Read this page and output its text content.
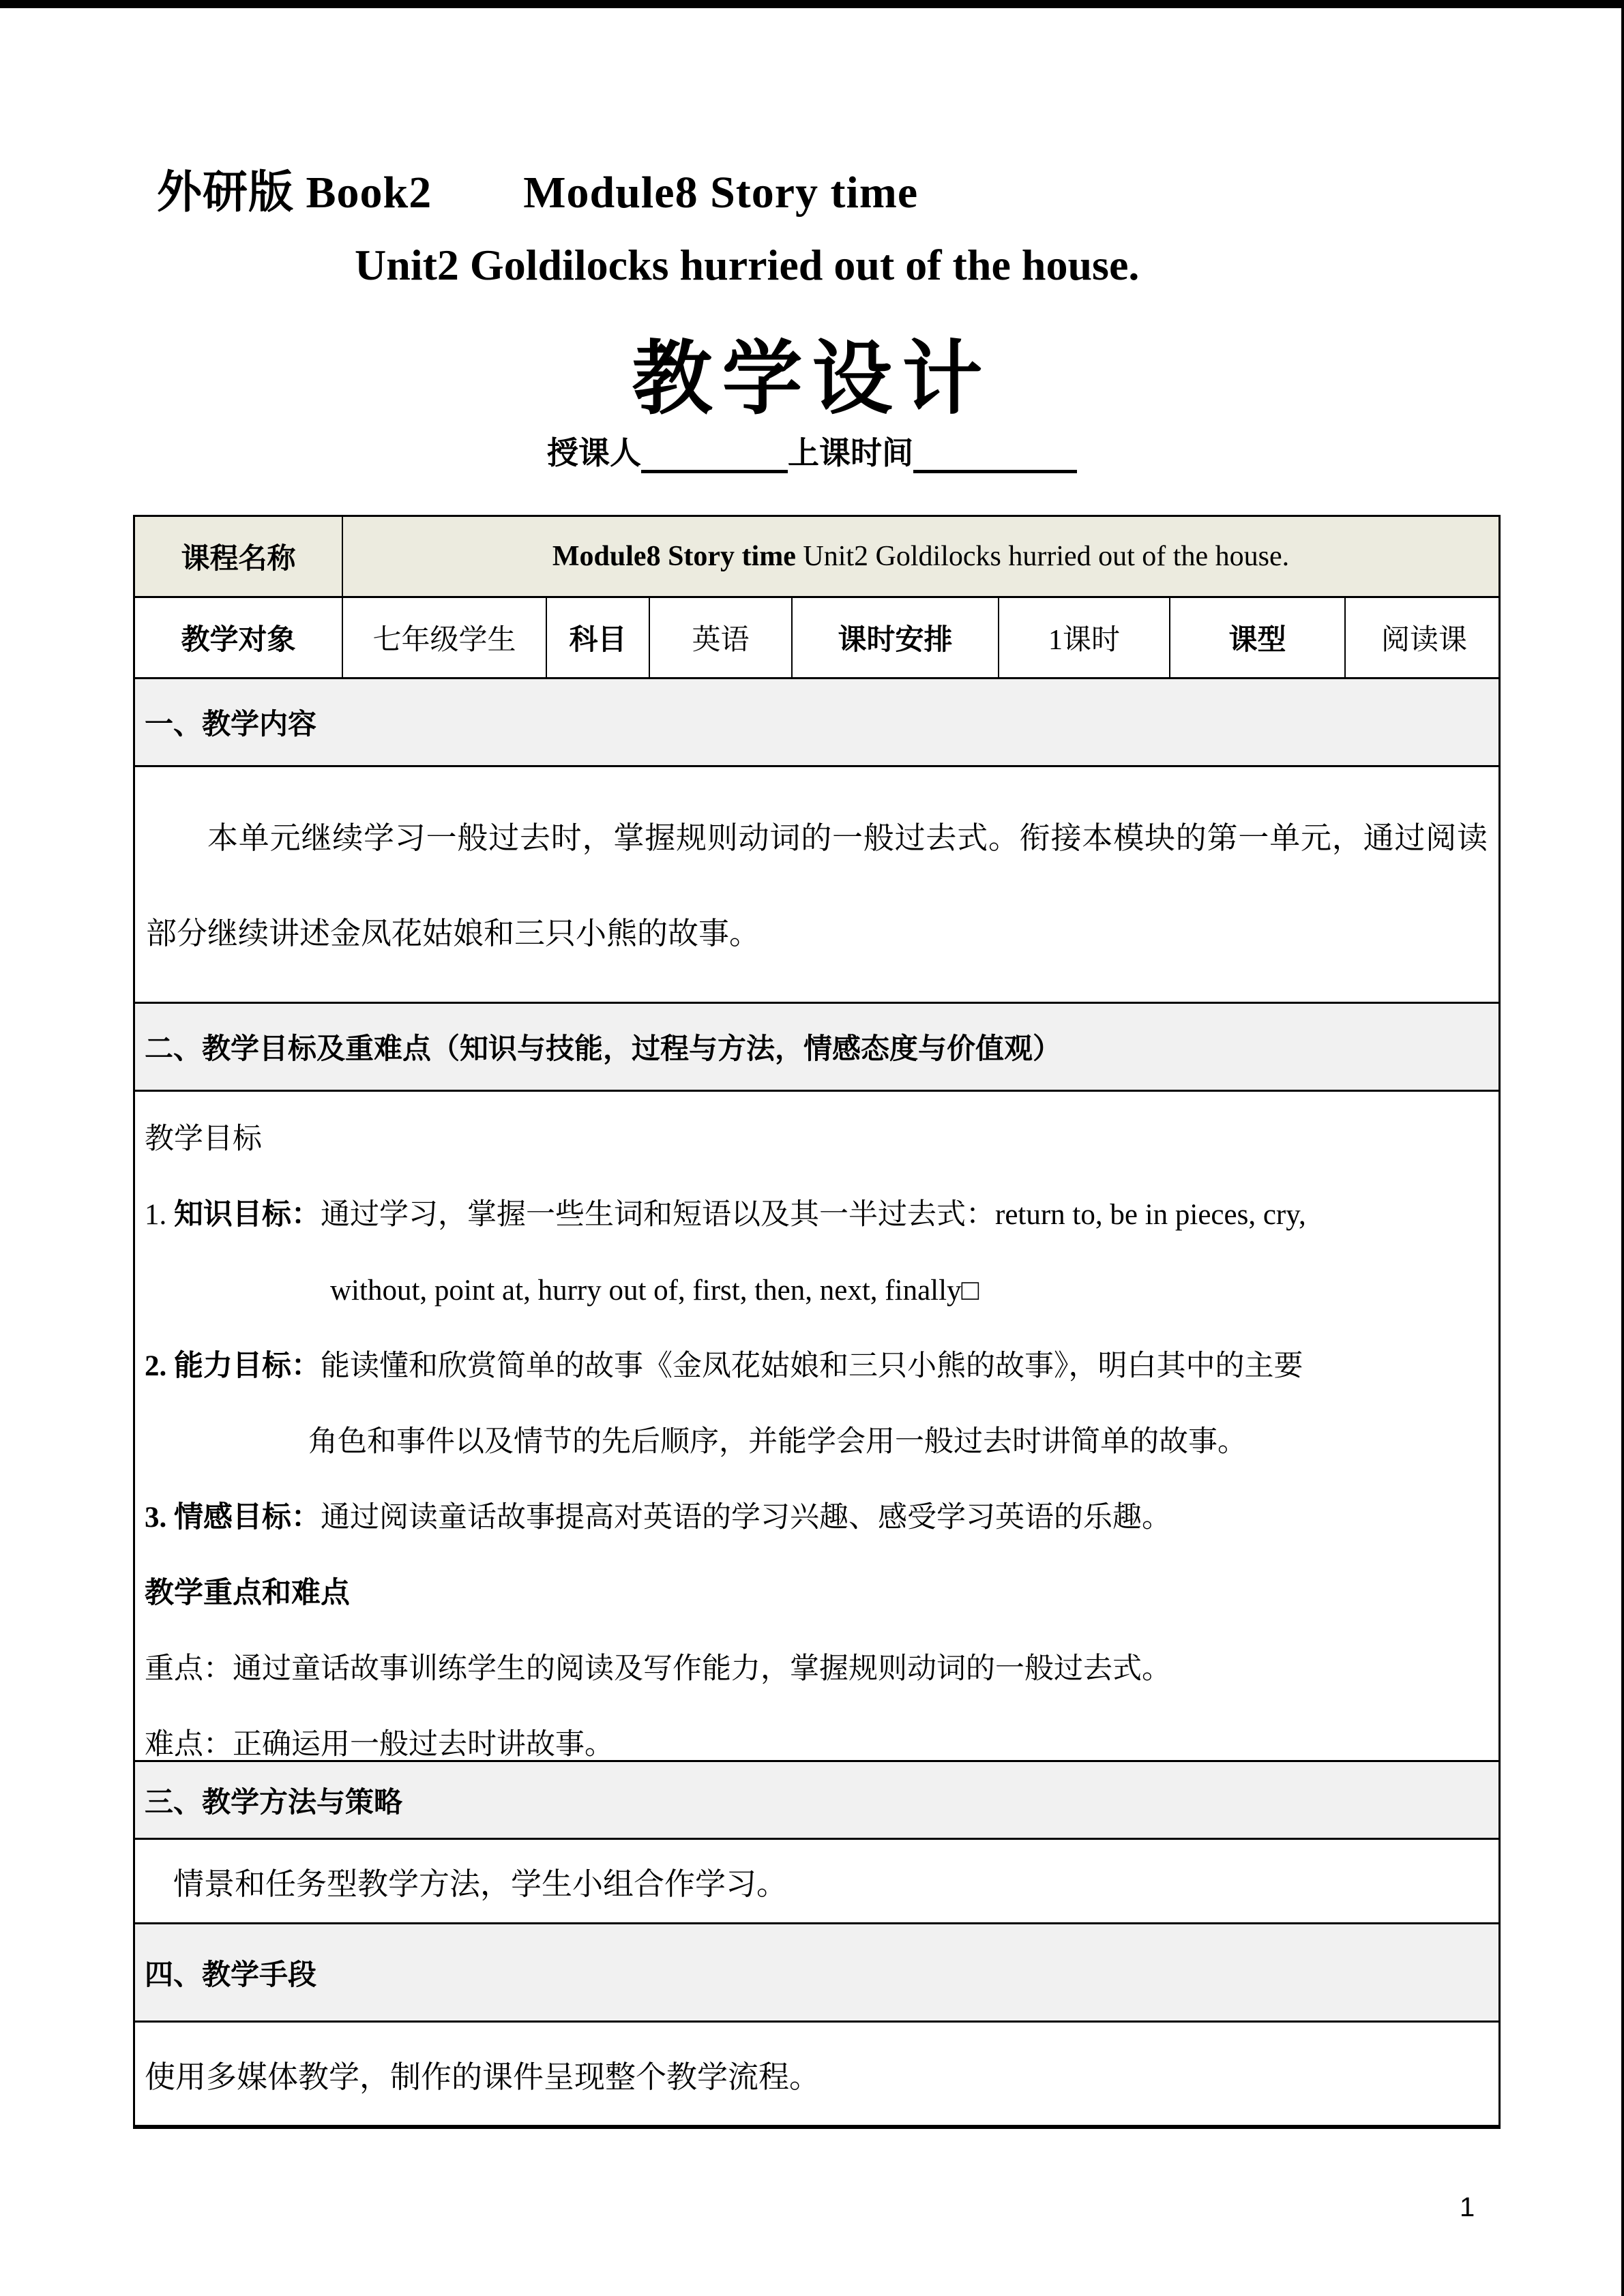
外研版 Book2　　Module8 Story time
Unit2 Goldilocks hurried out of the house.
教学设计
授课人	上课时间
课程名称	Module8 Story time Unit2 Goldilocks hurried out of the house.
教学对象	七年级学生	科目	英语	课时安排	1课时	课型	阅读课
一、教学内容
本单元继续学习一般过去时，掌握规则动词的一般过去式。衔接本模块的第一单元，通过阅读部分继续讲述金凤花姑娘和三只小熊的故事。
二、教学目标及重难点（知识与技能，过程与方法，情感态度与价值观）

教学目标

1. 知识目标：通过学习，掌握一些生词和短语以及其一半过去式：return to, be in pieces, cry,

without, point at, hurry out of, first, then, next, finally□

2. 能力目标：能读懂和欣赏简单的故事《金凤花姑娘和三只小熊的故事》，明白其中的主要

角色和事件以及情节的先后顺序，并能学会用一般过去时讲简单的故事。

3. 情感目标：通过阅读童话故事提高对英语的学习兴趣、感受学习英语的乐趣。

教学重点和难点

重点：通过童话故事训练学生的阅读及写作能力，掌握规则动词的一般过去式。

难点：正确运用一般过去时讲故事。

三、教学方法与策略
情景和任务型教学方法，学生小组合作学习。
四、教学手段
使用多媒体教学，制作的课件呈现整个教学流程。
1
